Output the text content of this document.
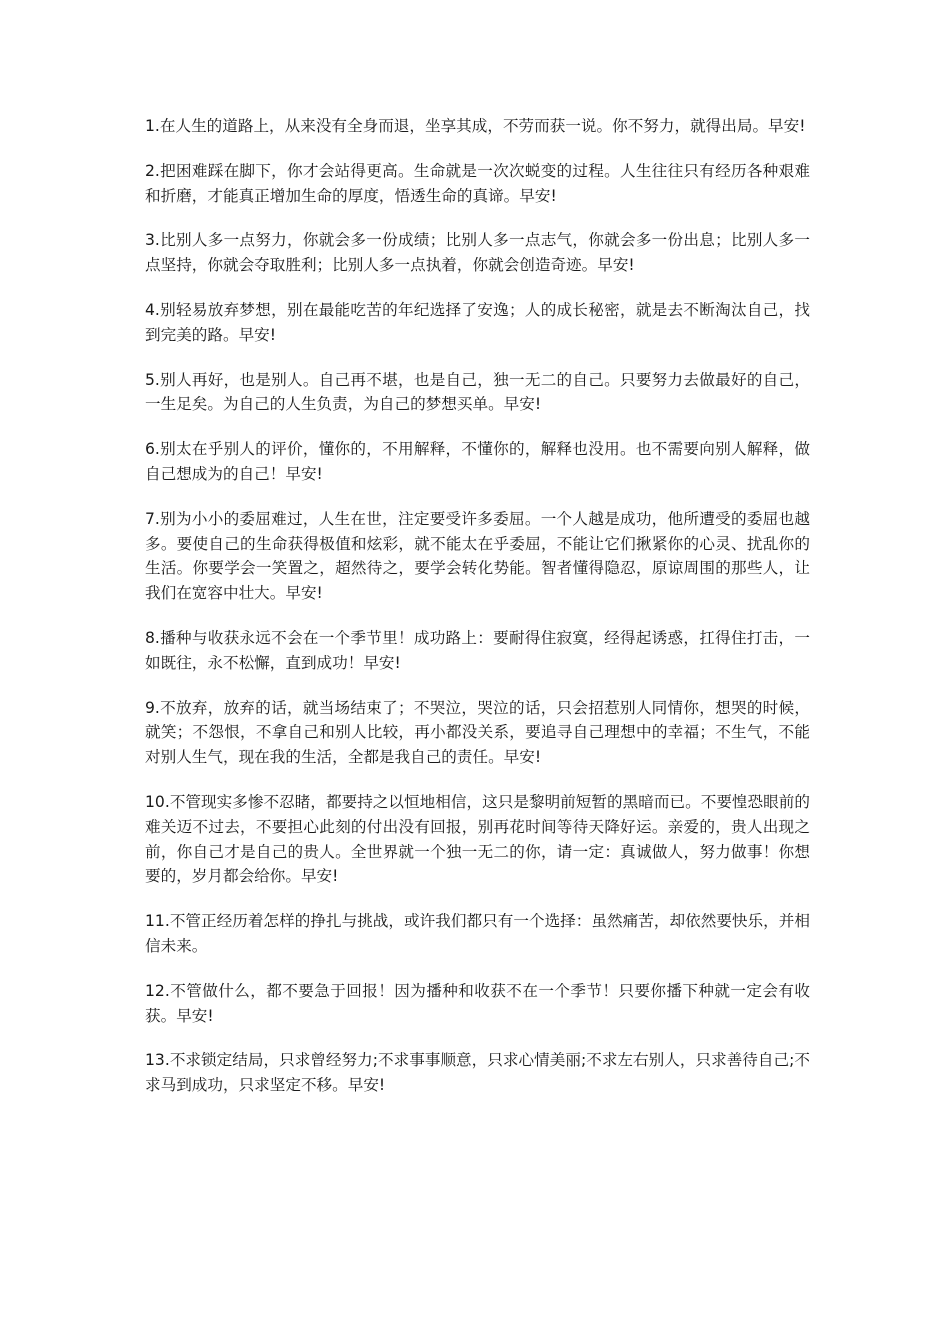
1.在人生的道路上，从来没有全身而退，坐享其成，不劳而获一说。你不努力，就得出局。早安!

2.把困难踩在脚下，你才会站得更高。生命就是一次次蜕变的过程。人生往往只有经历各种艰难和折磨，才能真正增加生命的厚度，悟透生命的真谛。早安!

3.比别人多一点努力，你就会多一份成绩；比别人多一点志气，你就会多一份出息；比别人多一点坚持，你就会夺取胜利；比别人多一点执着，你就会创造奇迹。早安!

4.别轻易放弃梦想，别在最能吃苦的年纪选择了安逸；人的成长秘密，就是去不断淘汰自己，找到完美的路。早安!

5.别人再好，也是别人。自己再不堪，也是自己，独一无二的自己。只要努力去做最好的自己，一生足矣。为自己的人生负责，为自己的梦想买单。早安!

6.别太在乎别人的评价，懂你的，不用解释，不懂你的，解释也没用。也不需要向别人解释，做自己想成为的自己！早安!

7.别为小小的委屈难过，人生在世，注定要受许多委屈。一个人越是成功，他所遭受的委屈也越多。要使自己的生命获得极值和炫彩，就不能太在乎委屈，不能让它们揪紧你的心灵、扰乱你的生活。你要学会一笑置之，超然待之，要学会转化势能。智者懂得隐忍，原谅周围的那些人，让我们在宽容中壮大。早安!

8.播种与收获永远不会在一个季节里！成功路上：要耐得住寂寞，经得起诱惑，扛得住打击，一如既往，永不松懈，直到成功！早安!

9.不放弃，放弃的话，就当场结束了；不哭泣，哭泣的话，只会招惹别人同情你，想哭的时候，就笑；不怨恨，不拿自己和别人比较，再小都没关系，要追寻自己理想中的幸福；不生气，不能对别人生气，现在我的生活，全都是我自己的责任。早安!

10.不管现实多惨不忍睹，都要持之以恒地相信，这只是黎明前短暂的黑暗而已。不要惶恐眼前的难关迈不过去，不要担心此刻的付出没有回报，别再花时间等待天降好运。亲爱的，贵人出现之前，你自己才是自己的贵人。全世界就一个独一无二的你，请一定：真诚做人，努力做事！你想要的，岁月都会给你。早安!

11.不管正经历着怎样的挣扎与挑战，或许我们都只有一个选择：虽然痛苦，却依然要快乐，并相信未来。

12.不管做什么，都不要急于回报！因为播种和收获不在一个季节！只要你播下种就一定会有收获。早安!

13.不求锁定结局，只求曾经努力;不求事事顺意，只求心情美丽;不求左右别人，只求善待自己;不求马到成功，只求坚定不移。早安!
